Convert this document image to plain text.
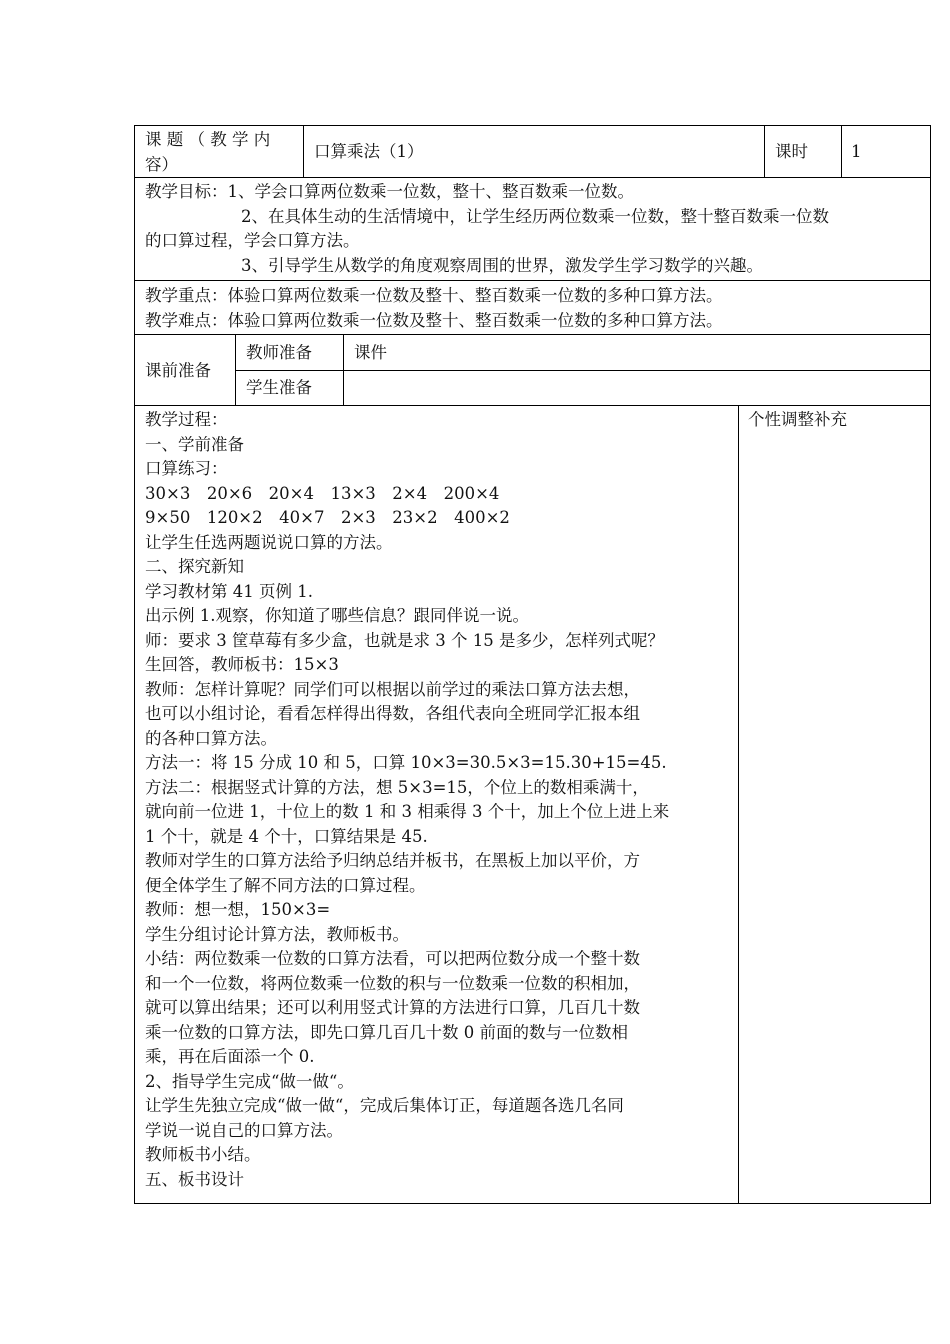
课 题 （ 教 学 内
容）
口算乘法（1）	课时	1
教学目标：1、学会口算两位数乘一位数，整十、整百数乘一位数。
2、在具体生动的生活情境中，让学生经历两位数乘一位数，整十整百数乘一位数
的口算过程，学会口算方法。
3、引导学生从数学的角度观察周围的世界，激发学生学习数学的兴趣。
教学重点：体验口算两位数乘一位数及整十、整百数乘一位数的多种口算方法。
教学难点：体验口算两位数乘一位数及整十、整百数乘一位数的多种口算方法。
课前准备
教师准备	课件
学生准备
个性调整补充
教学过程：
一、学前准备
口算练习：
30×3　20×6　20×4　13×3　2×4　200×4
9×50　120×2　40×7　2×3　23×2　400×2
让学生任选两题说说口算的方法。
二、探究新知
学习教材第 41 页例 1.
出示例 1.观察，你知道了哪些信息？跟同伴说一说。
师：要求 3 筐草莓有多少盒，也就是求 3 个 15 是多少，怎样列式呢？
生回答，教师板书：15×3
教师：怎样计算呢？同学们可以根据以前学过的乘法口算方法去想，
也可以小组讨论，看看怎样得出得数，各组代表向全班同学汇报本组
的各种口算方法。
方法一：将 15 分成 10 和 5，口算 10×3=30.5×3=15.30+15=45.
方法二：根据竖式计算的方法，想 5×3=15，个位上的数相乘满十，
就向前一位进 1，十位上的数 1 和 3 相乘得 3 个十，加上个位上进上来
1 个十，就是 4 个十，口算结果是 45.
教师对学生的口算方法给予归纳总结并板书，在黑板上加以平价，方
便全体学生了解不同方法的口算过程。
教师：想一想，150×3=
学生分组讨论计算方法，教师板书。
小结：两位数乘一位数的口算方法看，可以把两位数分成一个整十数
和一个一位数，将两位数乘一位数的积与一位数乘一位数的积相加，
就可以算出结果；还可以利用竖式计算的方法进行口算，几百几十数
乘一位数的口算方法，即先口算几百几十数 0 前面的数与一位数相
乘，再在后面添一个 0.
2、指导学生完成“做一做“。
让学生先独立完成“做一做“，完成后集体订正，每道题各选几名同
学说一说自己的口算方法。
教师板书小结。
五、板书设计
